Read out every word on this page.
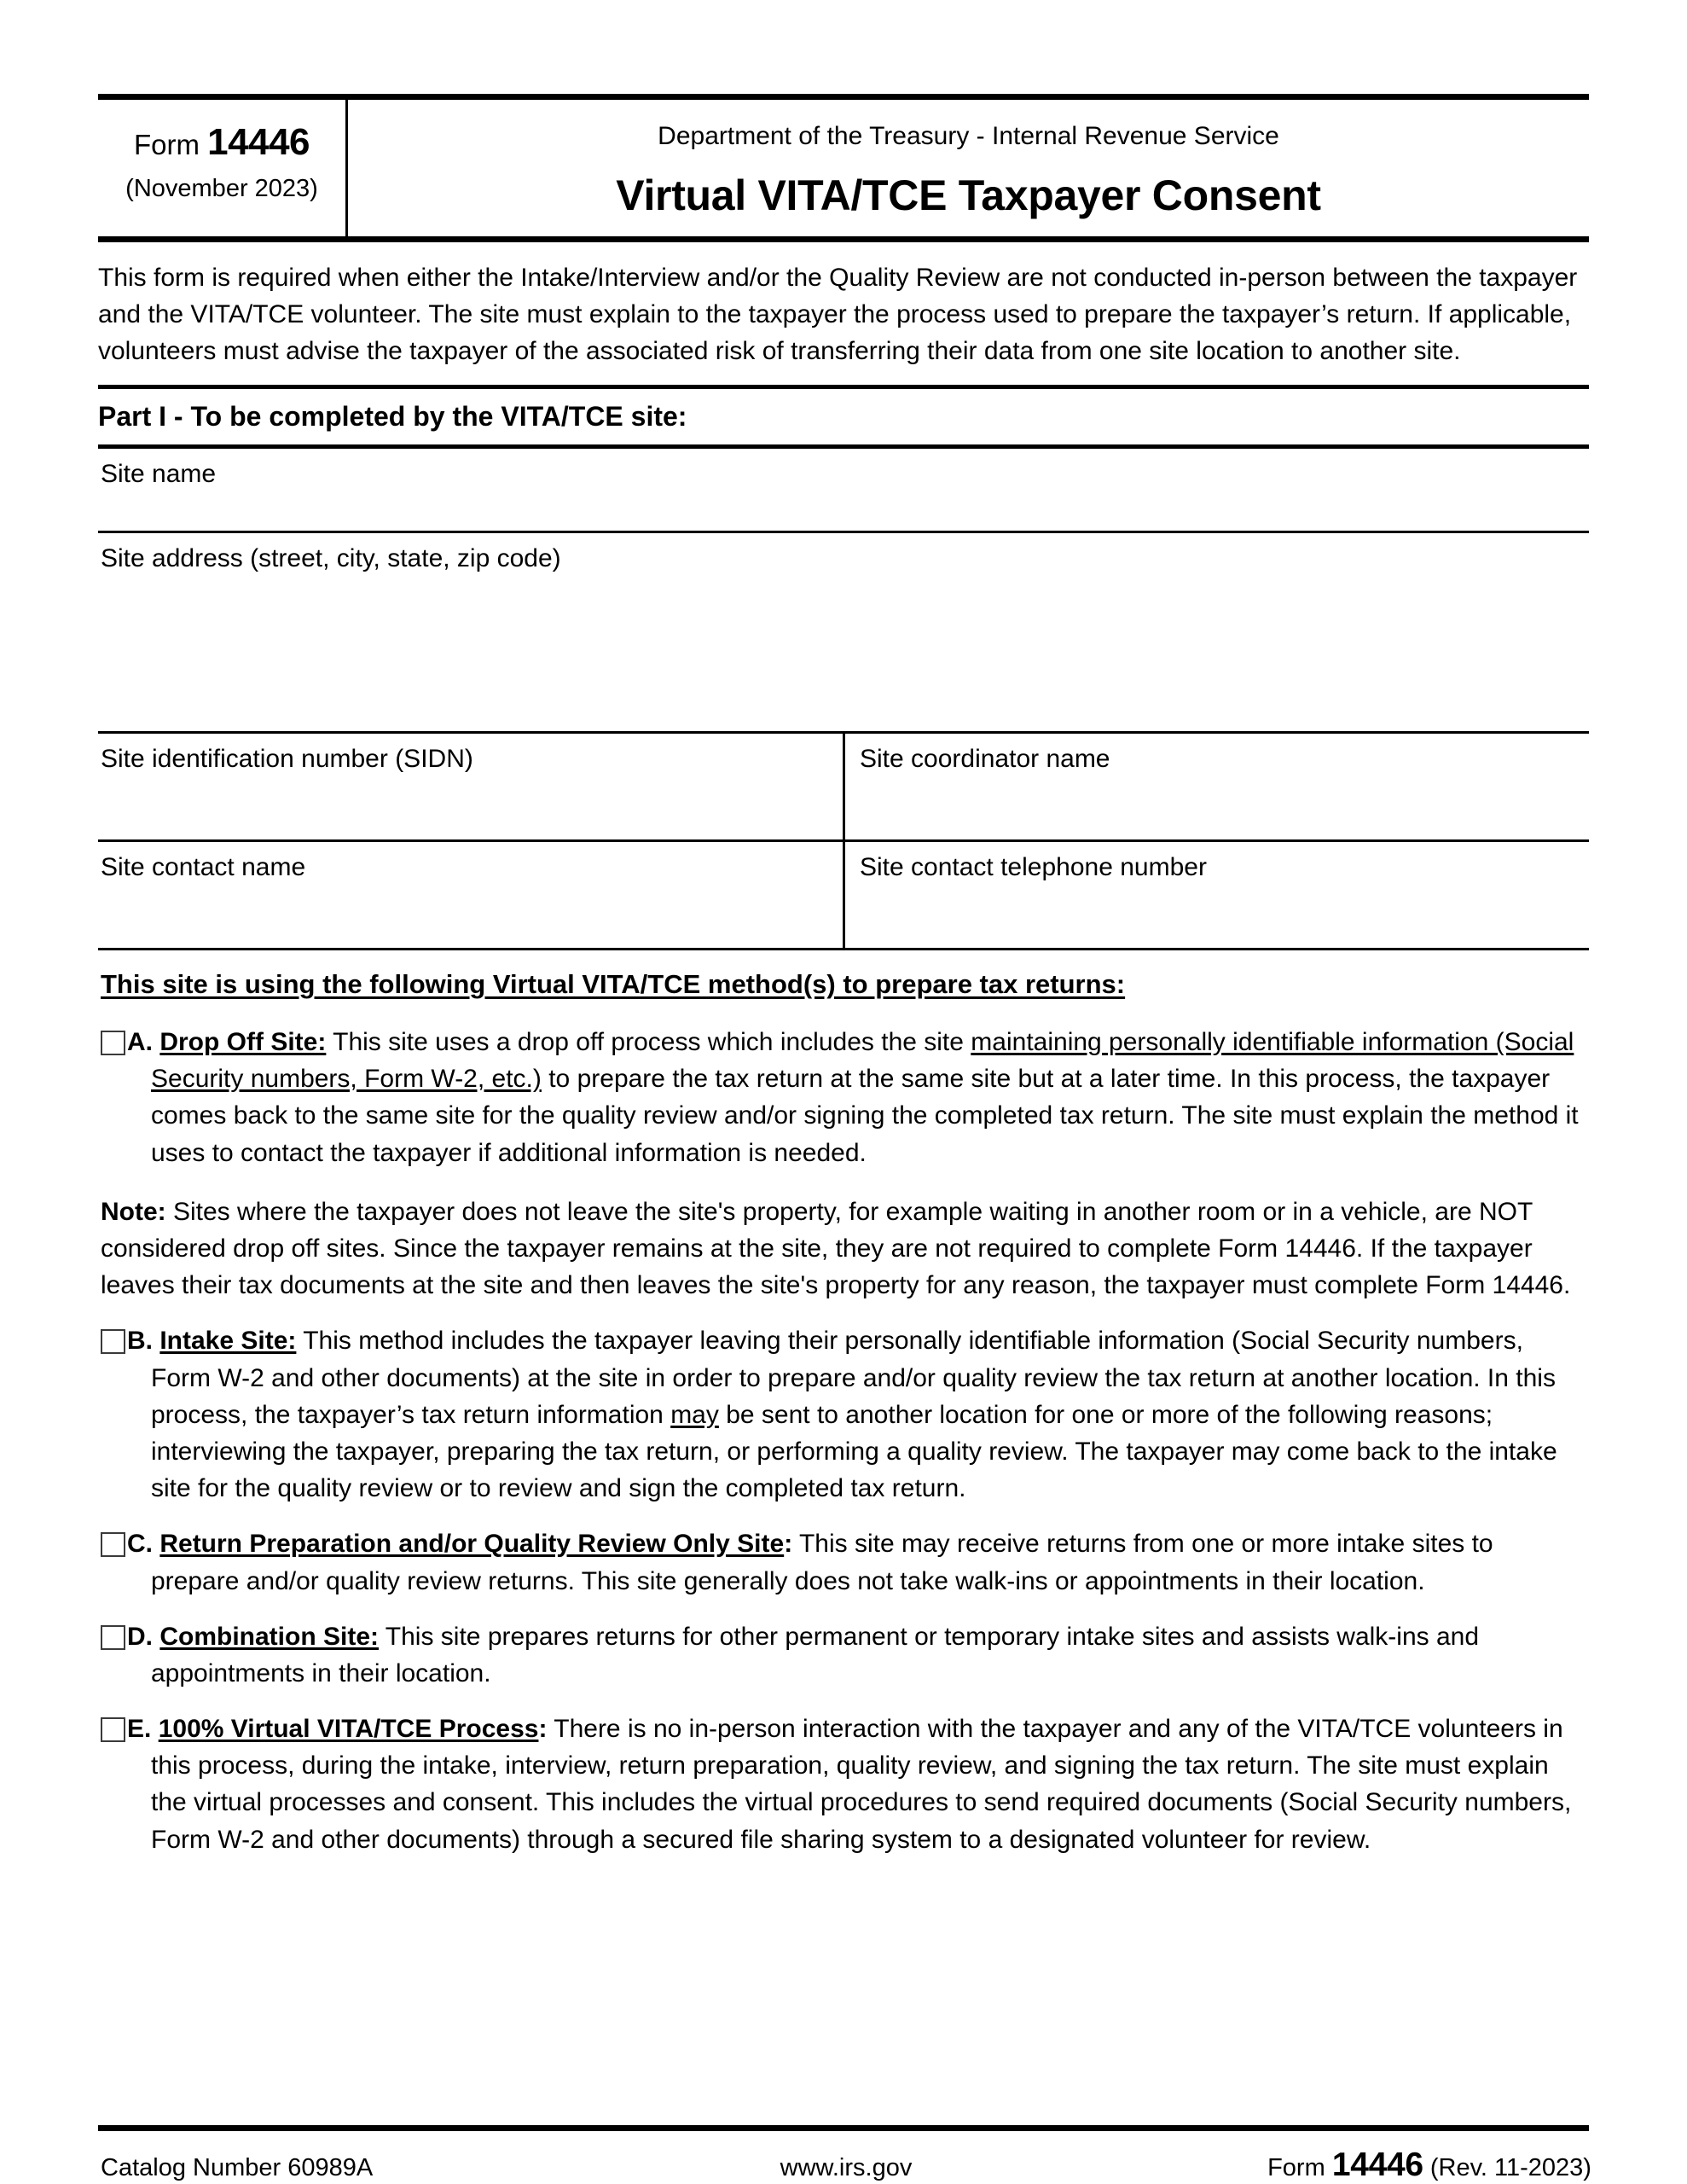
Form 14446
(November 2023)
Department of the Treasury - Internal Revenue Service
Virtual VITA/TCE Taxpayer Consent
This form is required when either the Intake/Interview and/or the Quality Review are not conducted in-person between the taxpayer and the VITA/TCE volunteer. The site must explain to the taxpayer the process used to prepare the taxpayer’s return. If applicable, volunteers must advise the taxpayer of the associated risk of transferring their data from one site location to another site.
Part I - To be completed by the VITA/TCE site:
Site name
Site address (street, city, state, zip code)
Site identification number (SIDN)	Site coordinator name
Site contact name	Site contact telephone number
This site is using the following Virtual VITA/TCE method(s) to prepare tax returns:
A. Drop Off Site: This site uses a drop off process which includes the site maintaining personally identifiable information (Social Security numbers, Form W-2, etc.) to prepare the tax return at the same site but at a later time. In this process, the taxpayer comes back to the same site for the quality review and/or signing the completed tax return. The site must explain the method it uses to contact the taxpayer if additional information is needed.
Note: Sites where the taxpayer does not leave the site's property, for example waiting in another room or in a vehicle, are NOT considered drop off sites. Since the taxpayer remains at the site, they are not required to complete Form 14446. If the taxpayer leaves their tax documents at the site and then leaves the site's property for any reason, the taxpayer must complete Form 14446.
B. Intake Site: This method includes the taxpayer leaving their personally identifiable information (Social Security numbers, Form W-2 and other documents) at the site in order to prepare and/or quality review the tax return at another location. In this process, the taxpayer’s tax return information may be sent to another location for one or more of the following reasons; interviewing the taxpayer, preparing the tax return, or performing a quality review. The taxpayer may come back to the intake site for the quality review or to review and sign the completed tax return.
C. Return Preparation and/or Quality Review Only Site: This site may receive returns from one or more intake sites to prepare and/or quality review returns. This site generally does not take walk-ins or appointments in their location.
D. Combination Site: This site prepares returns for other permanent or temporary intake sites and assists walk-ins and appointments in their location.
E. 100% Virtual VITA/TCE Process: There is no in-person interaction with the taxpayer and any of the VITA/TCE volunteers in this process, during the intake, interview, return preparation, quality review, and signing the tax return. The site must explain the virtual processes and consent. This includes the virtual procedures to send required documents (Social Security numbers, Form W-2 and other documents) through a secured file sharing system to a designated volunteer for review.
Catalog Number 60989A	www.irs.gov	Form 14446 (Rev. 11-2023)
